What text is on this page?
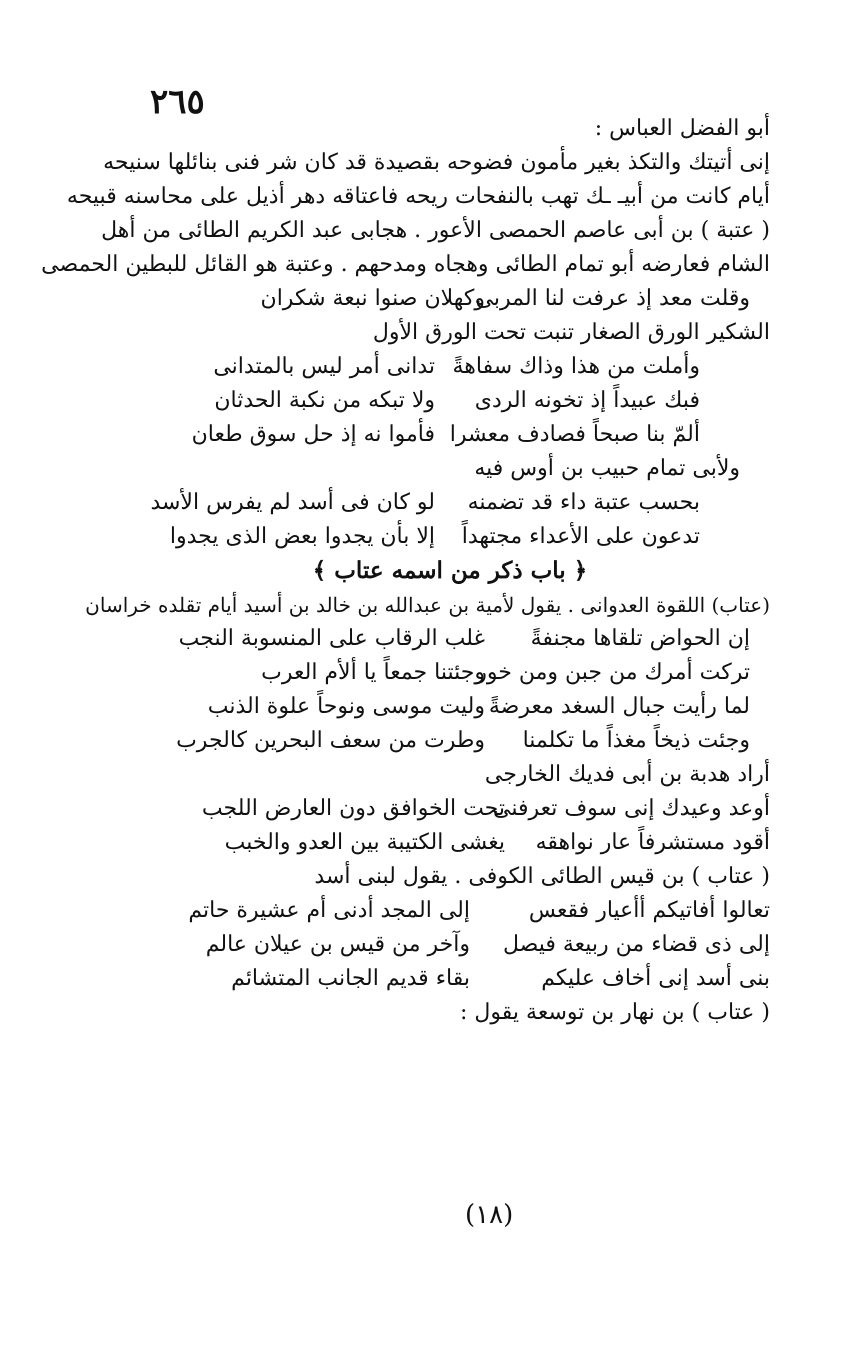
٢٦٥
أبو الفضل العباس :
إنى أتيتك والتكذ بغير مأمون فضوحه بقصيدة قد كان شر فنى بنائلها سنيحه
أيام كانت من أبيـ ـك تهب بالنفحات ريحه فاعتاقه دهر أذيل على محاسنه قبيحه
( عتبة ) بن أبى عاصم الحمصى الأعور . هجابى عبد الكريم الطائى من أهل
الشام فعارضه أبو تمام الطائى وهجاه ومدحهم . وعتبة هو القائل للبطين الحمصى
وقلت معد إذ عرفت لنا المربى
وكهلان صنوا نبعة شكران
الشكير الورق الصغار تنبت تحت الورق الأول
وأملت من هذا وذاك سفاهةً
تدانى أمر ليس بالمتدانى
فبك عبيداً إذ تخونه الردى
ولا تبكه من نكبة الحدثان
ألمّ بنا صبحاً فصادف معشرا
فأموا نه إذ حل سوق طعان
ولأبى تمام حبيب بن أوس فيه
بحسب عتبة داء قد تضمنه
لو كان فى أسد لم يفرس الأسد
تدعون على الأعداء مجتهداً
إلا بأن يجدوا بعض الذى يجدوا
﴿ باب ذكر من اسمه عتاب ﴾
(عتاب) اللقوة العدوانى . يقول لأمية بن عبدالله بن خالد بن أسيد أيام تقلده خراسان
إن الحواض تلقاها مجنفةً
غلب الرقاب على المنسوبة النجب
تركت أمرك من جبن ومن خور
وجئتنا جمعاً يا ألأم العرب
لما رأيت جبال السغد معرضةً
وليت موسى ونوحاً علوة الذنب
وجئت ذيخاً مغذاً ما تكلمنا
وطرت من سعف البحرين كالجرب
أراد هدبة بن أبى فديك الخارجى
أوعد وعيدك إنى سوف تعرفنى
تحت الخوافق دون العارض اللجب
أقود مستشرفاً عار نواهقه
يغشى الكتيبة بين العدو والخبب
( عتاب ) بن قيس الطائى الكوفى . يقول لبنى أسد
تعالوا أفاتيكم أأعيار فقعس
إلى المجد أدنى أم عشيرة حاتم
إلى ذى قضاء من ربيعة فيصل
وآخر من قيس بن عيلان عالم
بنى أسد إنى أخاف عليكم
بقاء قديم الجانب المتشائم
( عتاب ) بن نهار بن توسعة يقول :
(١٨)
